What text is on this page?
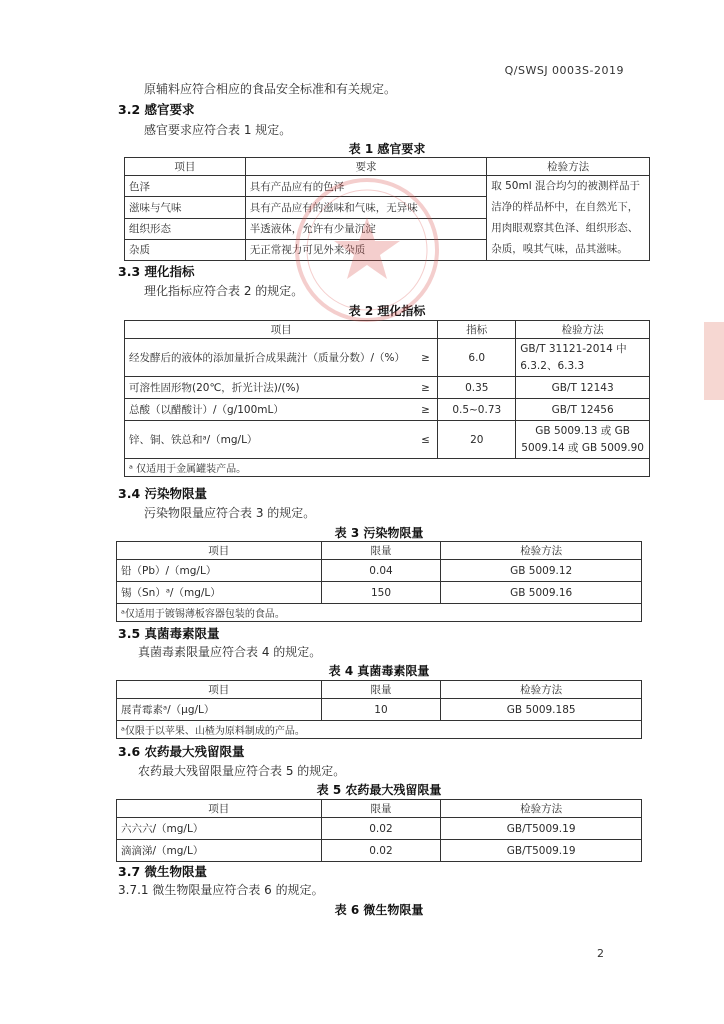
Q/SWSJ 0003S-2019
原辅料应符合相应的食品安全标准和有关规定。
3.2 感官要求
感官要求应符合表 1 规定。
表 1 感官要求
项目	要求	检验方法
色泽	具有产品应有的色泽	取 50ml 混合均匀的被测样品于洁净的样品杯中，在自然光下，用肉眼观察其色泽、组织形态、杂质，嗅其气味，品其滋味。
滋味与气味	具有产品应有的滋味和气味，无异味	
组织形态	半透液体，允许有少量沉淀	
杂质	无正常视力可见外来杂质	
3.3 理化指标
理化指标应符合表 2 的规定。
表 2 理化指标
项目		指标	检验方法
经发酵后的液体的添加量折合成果蔬汁（质量分数）/（%）	≥	6.0	GB/T 31121-2014 中 6.3.2、6.3.3
可溶性固形物(20℃，折光计法)/(%)	≥	0.35	GB/T 12143
总酸（以醋酸计）/（g/100mL）	≥	0.5~0.73	GB/T 12456
锌、铜、铁总和ᵃ/（mg/L）	≤	20	GB 5009.13 或 GB 5009.14 或 GB 5009.90
ᵃ 仅适用于金属罐装产品。			
3.4 污染物限量
污染物限量应符合表 3 的规定。
表 3 污染物限量
项目	限量	检验方法
铅（Pb）/（mg/L）	0.04	GB 5009.12
锡（Sn）ᵃ/（mg/L）	150	GB 5009.16
ᵃ仅适用于镀锡薄板容器包装的食品。		
3.5 真菌毒素限量
真菌毒素限量应符合表 4 的规定。
表 4 真菌毒素限量
项目	限量	检验方法
展青霉素ᵃ/（μg/L）	10	GB 5009.185
ᵃ仅限于以苹果、山楂为原料制成的产品。		
3.6 农药最大残留限量
农药最大残留限量应符合表 5 的规定。
表 5 农药最大残留限量
项目	限量	检验方法
六六六/（mg/L）	0.02	GB/T5009.19
滴滴涕/（mg/L）	0.02	GB/T5009.19
3.7 微生物限量
3.7.1 微生物限量应符合表 6 的规定。
表 6 微生物限量
2
